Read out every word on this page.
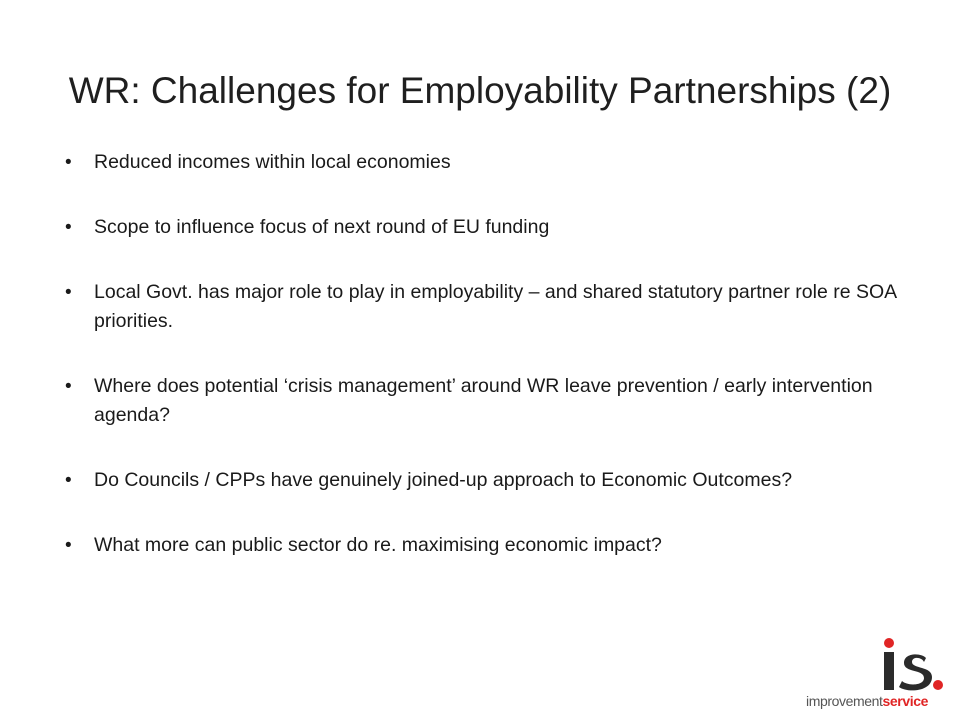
WR: Challenges for Employability Partnerships (2)
• Reduced incomes within local economies
• Scope to influence focus of next round of EU funding
• Local Govt. has major role to play in employability – and shared statutory partner role re SOA priorities.
• Where does potential ‘crisis management’ around WR leave prevention / early intervention agenda?
• Do Councils / CPPs have genuinely joined-up approach to Economic Outcomes?
• What more can public sector do re. maximising economic impact?
improvementservice
